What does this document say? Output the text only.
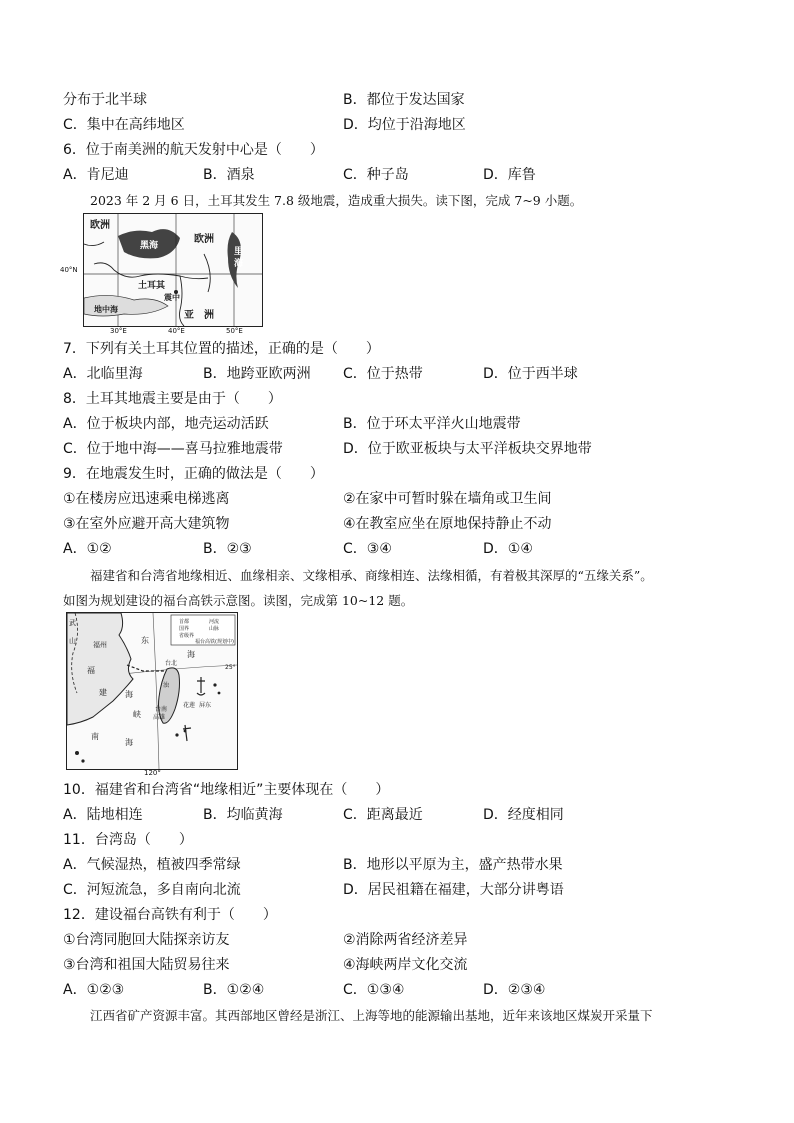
分布于北半球	B．都位于发达国家
C．集中在高纬地区	D．均位于沿海地区
6．位于南美洲的航天发射中心是（　　）
A．肯尼迪	B．酒泉	C．种子岛	D．库鲁
2023 年 2 月 6 日，土耳其发生 7.8 级地震，造成重大损失。读下图，完成 7~9 小题。
欧洲
黑海
欧洲
里
海
土耳其
震中
地中海
亚 洲
40°N
30°E	40°E	50°E
7．下列有关土耳其位置的描述，正确的是（　　）
A．北临里海	B．地跨亚欧两洲 C．位于热带	D．位于西半球
8．土耳其地震主要是由于（　　）
A．位于板块内部，地壳运动活跃	B．位于环太平洋火山地震带
C．位于地中海——喜马拉雅地震带	D．位于欧亚板块与太平洋板块交界地带
9．在地震发生时，正确的做法是（　　）
①在楼房应迅速乘电梯逃离	②在家中可暂时躲在墙角或卫生间
③在室外应避开高大建筑物	④在教室应坐在原地保持静止不动
A．①②	B．②③	C．③④	D．①④
福建省和台湾省地缘相近、血缘相亲、文缘相承、商缘相连、法缘相循，有着极其深厚的“五缘关系”。
如图为规划建设的福台高铁示意图。读图，完成第 10~12 题。
首都
国界
省级界
河流
山脉
福台高铁(规划中)
武
山 福州
福
建
东
海
台北
海
峡
浊
花莲
台南
高雄
屏东
南
海
25°
120°
10．福建省和台湾省“地缘相近”主要体现在（　　）
A．陆地相连	B．均临黄海	C．距离最近	D．经度相同
11．台湾岛（　　）
A．气候湿热，植被四季常绿	B．地形以平原为主，盛产热带水果
C．河短流急，多自南向北流	D．居民祖籍在福建，大部分讲粤语
12．建设福台高铁有利于（　　）
①台湾同胞回大陆探亲访友	②消除两省经济差异
③台湾和祖国大陆贸易往来	④海峡两岸文化交流
A．①②③	B．①②④	C．①③④	D．②③④
江西省矿产资源丰富。其西部地区曾经是浙江、上海等地的能源输出基地，近年来该地区煤炭开采量下
